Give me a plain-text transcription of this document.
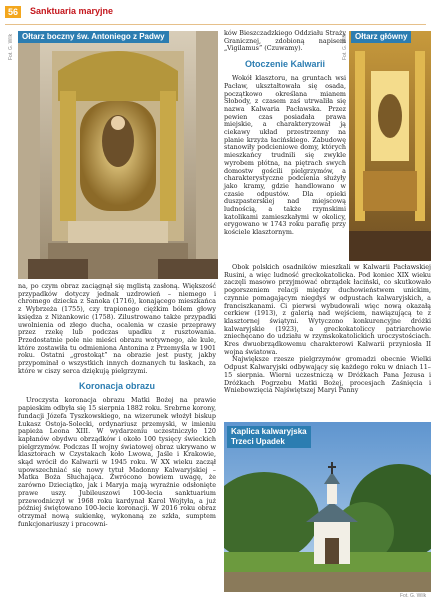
56	Sanktuaria maryjne
Ołtarz boczny św. Antoniego z Padwy
Fot. G. Wilk	Ołtarz główny
Fot. G. Wilk

na, po czym obraz zaciągnął się mglistą zasłoną. Większość przypadków dotyczy jednak uzdrowień – niemego i chromego dziecka z Sanoka (1716), konającego mieszkańca z Wybrzeża (1755), czy trapionego ciężkim bólem głowy księdza z Niżankowic (1758). Zilustrowano także przypadki uwolnienia od złego ducha, ocalenia w czasie przeprawy przez rzekę lub podczas upadku z rusztowania. Przedostatnie pole nie mieści obrazu wotywnego, ale kule, które zostawiła tu odmieniona Antonina z Przemyśla w 1901 roku. Ostatni „grostokąt” na obrazie jest pusty, jakby przypominał o wszystkich innych doznanych tu łaskach, za które w ciszy serca dziękują pielgrzymi.

Koronacja obrazu

Uroczysta koronacja obrazu Matki Bożej na prawie papieskim odbyła się 15 sierpnia 1882 roku. Srebrne korony, fundacji Józefa Tyszkowskiego, na wizerunek włożył biskup Łukasz Ostoja-Solecki, ordynariusz przemyski, w imieniu papieża Leona XIII. W wydarzeniu uczestniczyło 120 kapłanów obydwu obrządków i około 100 tysięcy świeckich pielgrzymów. Podczas II wojny światowej obraz ukrywano w klasztorach w Czystakach koło Lwowa, Jaśle i Krakowie, skąd wrócił do Kalwarii w 1945 roku. W XX wieku zaczął upowszechniać się nowy tytuł Madonny Kalwaryjskiej – Matka Boża Słuchająca. Zwrócono bowiem uwagę, że zarówno Dzieciątko, jak i Maryja mają wyraźnie odsłonięte prawe uszy. Jubileuszowi 100-lecia sanktuarium przewodniczył w 1968 roku kardynał Karol Wojtyła, a już później świętowano 100-lecie koronacji. W 2016 roku obraz otrzymał nową sukienkę, wykonaną ze szkła, sumptem funkcjonariuszy i pracowni-

ków Bieszczadzkiego Oddziału Straży Granicznej, zdobioną napisem „Vigilamus” (Czuwamy).

Otoczenie Kalwarii

Wokół klasztoru, na gruntach wsi Pacław, ukształtowała się osada, początkowo określana mianem Słobody, z czasem zaś utrwaliła się nazwa Kalwaria Pacławska. Przez pewien czas posiadała prawa miejskie, a charakteryzował ją ciekawy układ przestrzenny na planie krzyża łacińskiego. Zabudowę stanowiły podcieniowe domy, których mieszkańcy trudnili się zwykle wyrobem płótna, na piętrach swych domostw gościli pielgrzymów, a charakterystyczne podcienia służyły jako kramy, gdzie handlowano w czasie odpustów. Dla opieki duszpasterskiej nad miejscową ludnością, a także rzymskimi katolikami zamieszkałymi w okolicy, erygowano w 1743 roku parafię przy kościele klasztornym.

Obok polskich osadników mieszkali w Kalwarii Pacławskiej Rusini, a więc ludność greckokatolicka. Pod koniec XIX wieku zaczęli masowo przyjmować obrządek łaciński, co skutkowało pogorszeniem relacji między duchowieństwem unickim, czynnie pomagającym niegdyś w odpustach kalwaryjskich, a franciszkanami. Ci pierwsi wybudowali więc nową okazałą cerkiew (1913), z galerią nad wejściem, nawiązującą te z klasztornej świątyni. Wytyczono konkurencyjne dróżki kalwaryjskie (1923), a greckokatoliccy patriarchowie zniechęcano do udziału w rzymskokatolickich uroczystościach. Kres dwuobrządkowemu charakterowi Kalwarii przyniosła II wojna światowa.

Największe rzesze pielgrzymów gromadzi obecnie Wielki Odpust Kalwaryjski odbywający się każdego roku w dniach 11–15 sierpnia. Wierni uczestniczą w Dróżkach Pana Jezusa i Dróżkach Pogrzebu Matki Bożej, procesjach Zaśnięcia i Wniebowzięcia Najświętszej Maryi Panny

Kaplica kalwaryjska
Trzeci Upadek
Fot. G. Wilk
